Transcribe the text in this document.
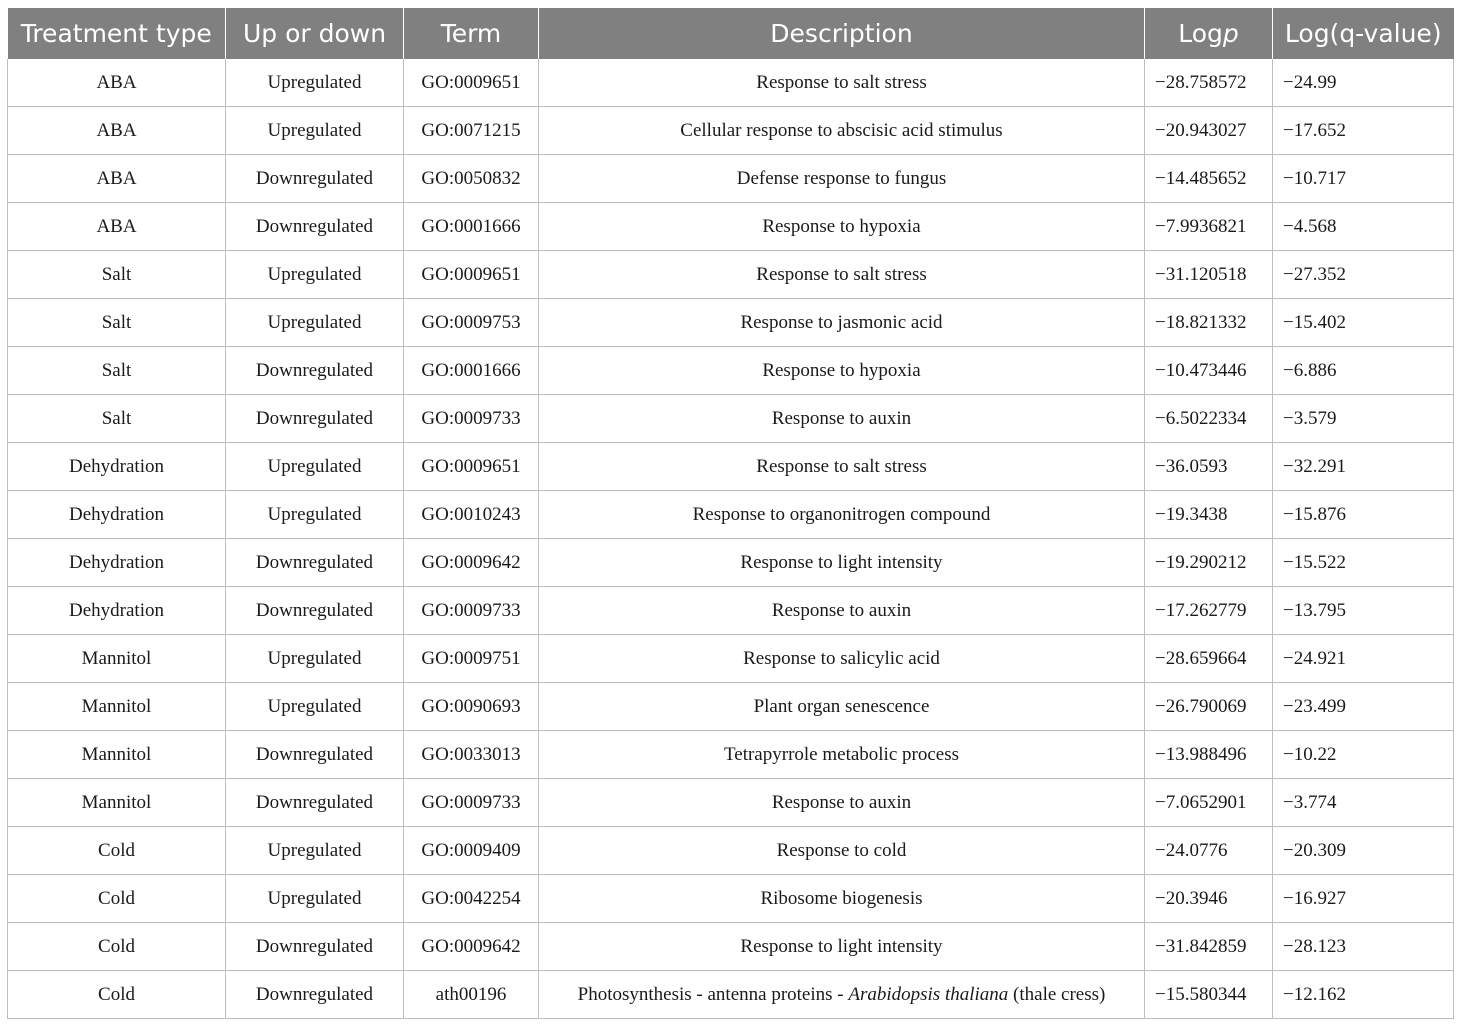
Treatment type	Up or down	Term	Description	Logp	Log(q-value)
ABA	Upregulated	GO:0009651	Response to salt stress	−28.758572	−24.99
ABA	Upregulated	GO:0071215	Cellular response to abscisic acid stimulus	−20.943027	−17.652
ABA	Downregulated	GO:0050832	Defense response to fungus	−14.485652	−10.717
ABA	Downregulated	GO:0001666	Response to hypoxia	−7.9936821	−4.568
Salt	Upregulated	GO:0009651	Response to salt stress	−31.120518	−27.352
Salt	Upregulated	GO:0009753	Response to jasmonic acid	−18.821332	−15.402
Salt	Downregulated	GO:0001666	Response to hypoxia	−10.473446	−6.886
Salt	Downregulated	GO:0009733	Response to auxin	−6.5022334	−3.579
Dehydration	Upregulated	GO:0009651	Response to salt stress	−36.0593	−32.291
Dehydration	Upregulated	GO:0010243	Response to organonitrogen compound	−19.3438	−15.876
Dehydration	Downregulated	GO:0009642	Response to light intensity	−19.290212	−15.522
Dehydration	Downregulated	GO:0009733	Response to auxin	−17.262779	−13.795
Mannitol	Upregulated	GO:0009751	Response to salicylic acid	−28.659664	−24.921
Mannitol	Upregulated	GO:0090693	Plant organ senescence	−26.790069	−23.499
Mannitol	Downregulated	GO:0033013	Tetrapyrrole metabolic process	−13.988496	−10.22
Mannitol	Downregulated	GO:0009733	Response to auxin	−7.0652901	−3.774
Cold	Upregulated	GO:0009409	Response to cold	−24.0776	−20.309
Cold	Upregulated	GO:0042254	Ribosome biogenesis	−20.3946	−16.927
Cold	Downregulated	GO:0009642	Response to light intensity	−31.842859	−28.123
Cold	Downregulated	ath00196	Photosynthesis - antenna proteins - Arabidopsis thaliana (thale cress)	−15.580344	−12.162
